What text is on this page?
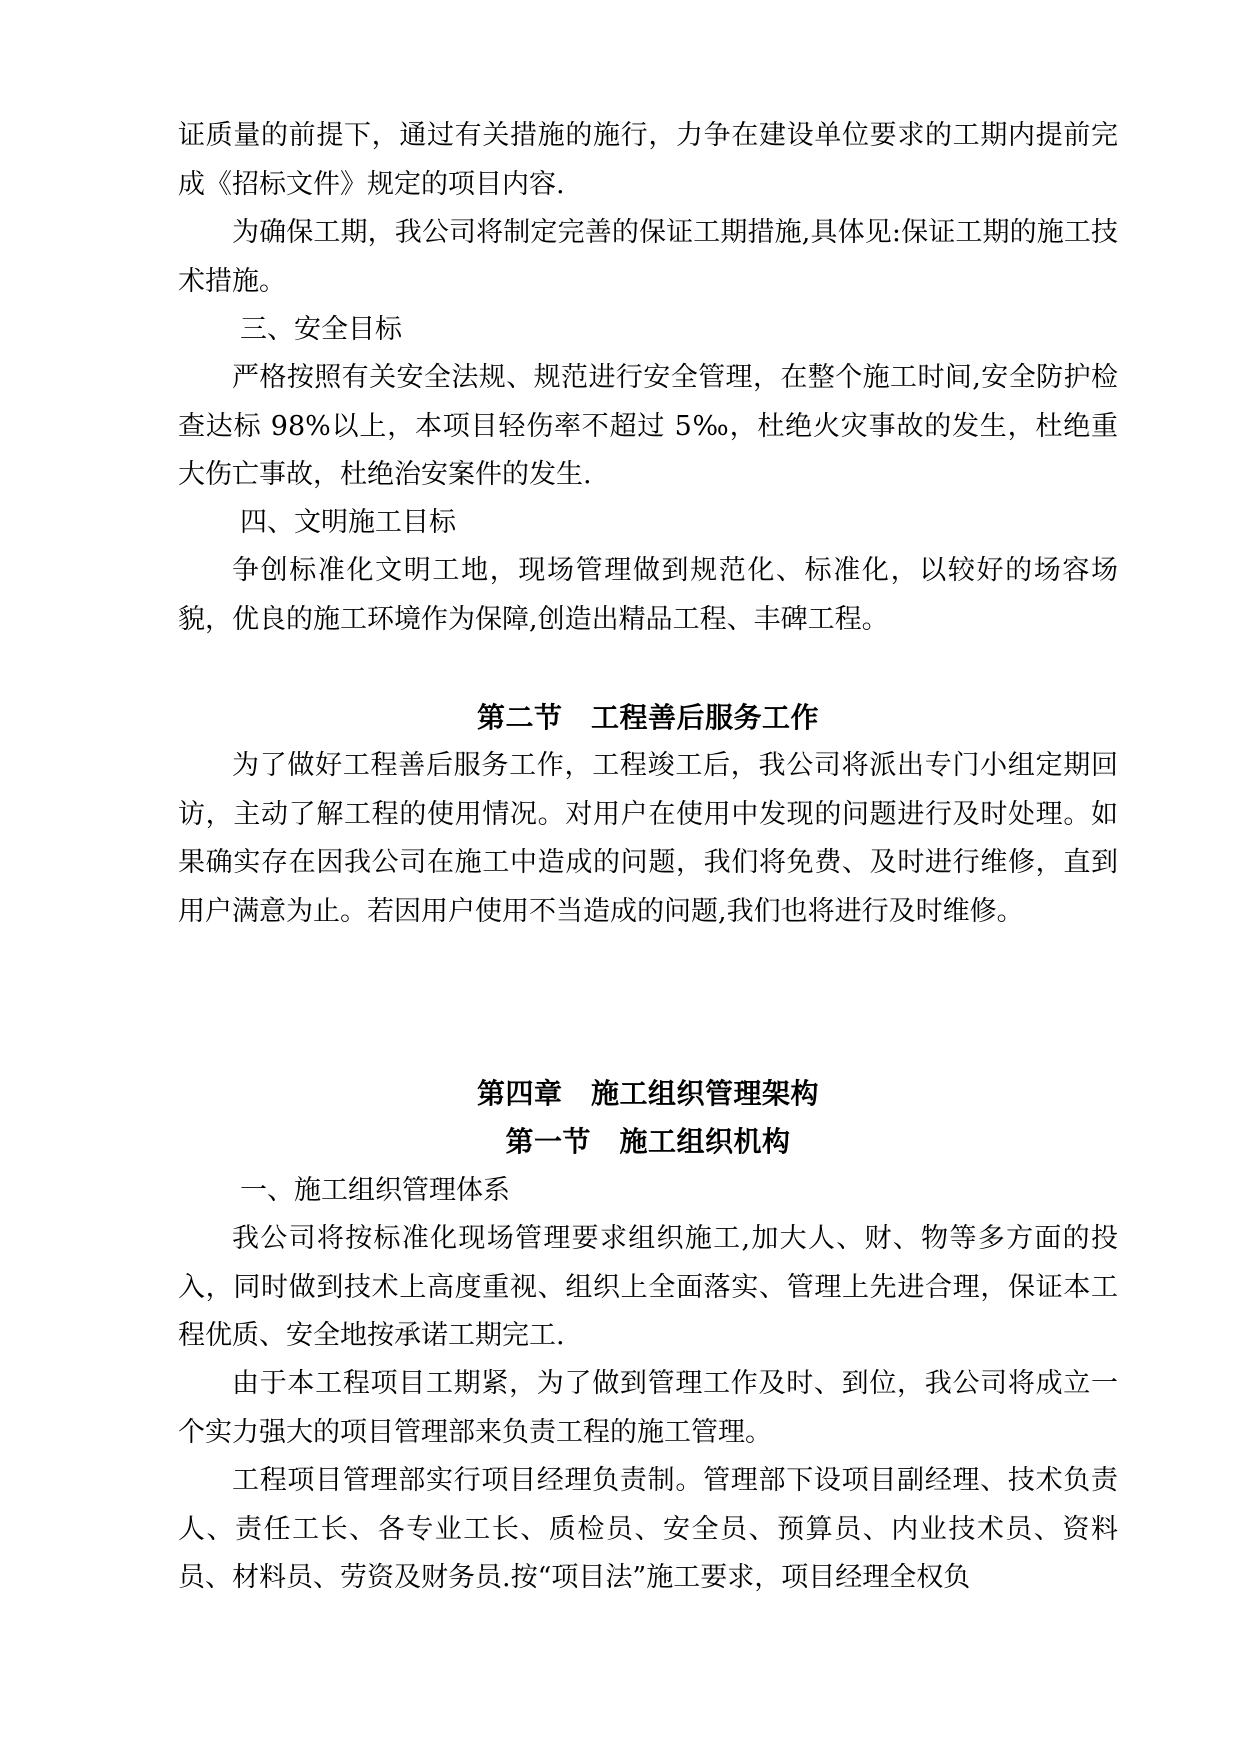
证质量的前提下，通过有关措施的施行，力争在建设单位要求的工期内提前完成《招标文件》规定的项目内容.

为确保工期，我公司将制定完善的保证工期措施,具体见:保证工期的施工技术措施。

三、安全目标

严格按照有关安全法规、规范进行安全管理，在整个施工时间,安全防护检查达标 98%以上，本项目轻伤率不超过 5‰，杜绝火灾事故的发生，杜绝重大伤亡事故，杜绝治安案件的发生.

四、文明施工目标

争创标准化文明工地，现场管理做到规范化、标准化，以较好的场容场貌，优良的施工环境作为保障,创造出精品工程、丰碑工程。

第二节　工程善后服务工作

为了做好工程善后服务工作，工程竣工后，我公司将派出专门小组定期回访，主动了解工程的使用情况。对用户在使用中发现的问题进行及时处理。如果确实存在因我公司在施工中造成的问题，我们将免费、及时进行维修，直到用户满意为止。若因用户使用不当造成的问题,我们也将进行及时维修。

第四章　施工组织管理架构
第一节　施工组织机构

一、施工组织管理体系

我公司将按标准化现场管理要求组织施工,加大人、财、物等多方面的投入，同时做到技术上高度重视、组织上全面落实、管理上先进合理，保证本工程优质、安全地按承诺工期完工.

由于本工程项目工期紧，为了做到管理工作及时、到位，我公司将成立一个实力强大的项目管理部来负责工程的施工管理。

工程项目管理部实行项目经理负责制。管理部下设项目副经理、技术负责人、责任工长、各专业工长、质检员、安全员、预算员、内业技术员、资料员、材料员、劳资及财务员.按“项目法”施工要求，项目经理全权负
